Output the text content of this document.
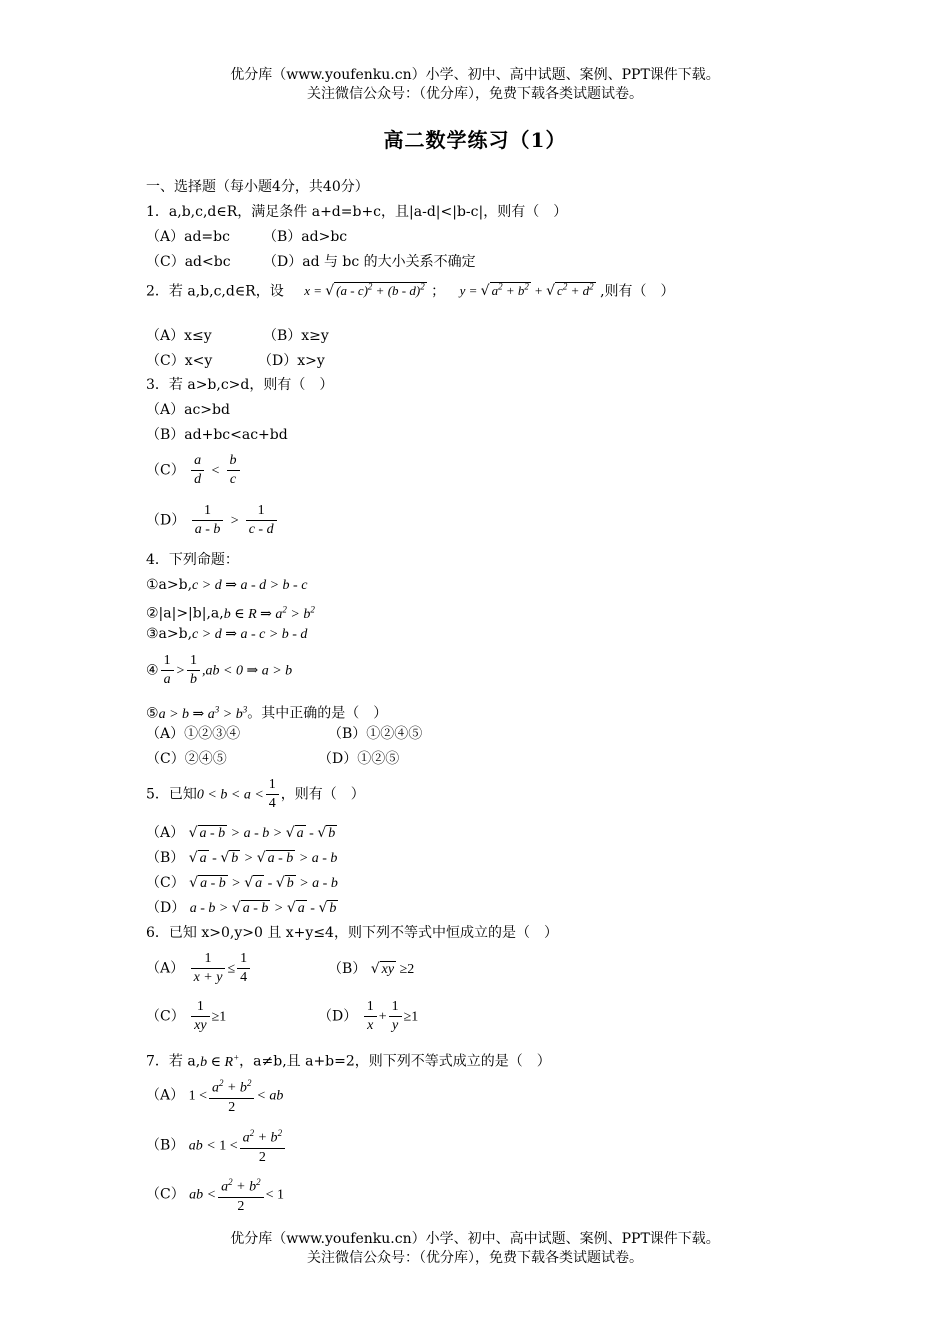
优分库（www.youfenku.cn）小学、初中、高中试题、案例、PPT课件下载。
关注微信公众号：（优分库），免费下载各类试题试卷。
高二数学练习（1）
一、选择题（每小题4分，共40分）
1．a,b,c,d∈R，满足条件 a+d=b+c，且|a-d|<|b-c|，则有（　）
（A）ad=bc （B）ad>bc
（C）ad<bc （D）ad 与 bc 的大小关系不确定
2．若 a,b,c,d∈R，设 x = √ (a - c)$^2$ + (b - d)$^2$ ； y = √ $a^2 + b^2$ + √ $c^2 + d^2$ ,则有（　）
（A）x≤y	（B）x≥y
（C）x<y	（D）x>y
3．若 a>b,c>d，则有（　）
（A）ac>bd
（B）ad+bc<ac+bd
$(C) \frac{a}{d} < \frac{b}{c}$
$(D) \frac{1}{a - b} > \frac{1}{c - d}$
4．下列命题：
①a>b,c > d ⇒ a - d > b - c
②|a|>|b|,a,b ∈ R ⇒ $a^2 > b^2$
③a>b,c > d ⇒ a - c > b - d
④ $\frac{1}{a} > \frac{1}{b} ,ab < 0$ ⇒ a > b
⑤a > b ⇒ $a^3 > b^3$。其中正确的是（　）
（A）①②③④	（B）①②④⑤
（C）②④⑤	（D）①②⑤
5．已知$0 < b < a < \frac{1}{4}$ ，则有（　）
（A） √ a - b > a - b > √ a - √ b
（B） √ a - √ b > √ a - b > a - b
（C） √ a - b > √ a - √ b > a - b
（D） a - b > √ a - b > √ a - √ b
6．已知 x>0,y>0 且 x+y≤4，则下列不等式中恒成立的是（　）
$(A) \frac{1}{x + y} \le \frac{1}{4}$	（B） √ xy ≥2
$(C) \frac{1}{xy} \ge 1$	$(D) \frac{1}{x} + \frac{1}{y} \ge 1$
7．若 a,b ∈ R+，a≠b,且 a+b=2，则下列不等式成立的是（　）
（A） $1 < \frac{a^2 + b^2}{2}$ < ab
（B） ab < $1 < \frac{a^2 + b^2}{2}$
（C） ab < $\frac{a^2 + b^2}{2} < 1$
优分库（www.youfenku.cn）小学、初中、高中试题、案例、PPT课件下载。
关注微信公众号：（优分库），免费下载各类试题试卷。
